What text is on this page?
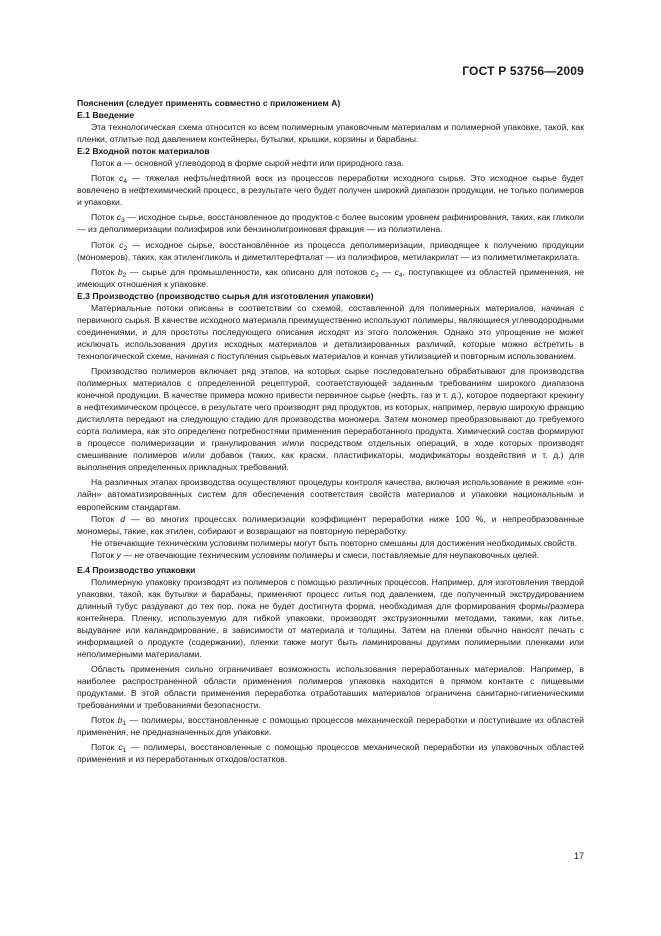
ГОСТ Р 53756—2009

Пояснения (следует применять совместно с приложением А)

Е.1 Введение

Эта технологическая схема относится ко всем полимерным упаковочным материалам и полимерной упаковке, такой, как пленки, отлитые под давлением контейнеры, бутылки, крышки, корзины и барабаны.

Е.2 Входной поток материалов

Поток a — основной углеводород в форме сырой нефти или природного газа.

Поток $c_4$ — тяжелая нефть/нефтяной воск из процессов переработки исходного сырья. Это исходное сырье будет вовлечено в нефтехимический процесс, в результате чего будет получен широкий диапазон продукции, не только полимеров и упаковки.

Поток $c_3$ — исходное сырье, восстановленное до продуктов с более высоким уровнем рафинирования, таких, как гликоли — из деполимеризации полиэфиров или бензинолигроиновая фракция — из полиэтилена.

Поток $c_2$ — исходное сырье, восстановлённое из процесса деполимеризации, приводящее к получению продукции (мономеров), таких, как этиленгликоль и диметилтерефталат — из полиэфиров, метилакрилат — из полиметилметакрилата.

Поток $b_2$ — сырье для промышленности, как описано для потоков $c_2$ — $c_4$, поступающее из областей применения, не имеющих отношения к упаковке.

Е.3 Производство (производство сырья для изготовления упаковки)

Материальные потоки описаны в соответствии со схемой, составленной для полимерных материалов, начиная с первичного сырья. В качестве исходного материала преимущественно используют полимеры, являющиеся углеводородными соединениями, и для простоты последующего описания исходят из этого положения. Однако это упрощение не может исключать использования других исходных материалов и детализированных различий, которые можно встретить в технологической схеме, начиная с поступления сырьевых материалов и кончая утилизацией и повторным использованием.

Производство полимеров включает ряд этапов, на которых сырье последовательно обрабатывают для производства полимерных материалов с определенной рецептурой, соответствующей заданным требованиям широкого диапазона конечной продукции. В качестве примера можно привести первичное сырье (нефть, газ и т. д.), которое подвергают крекингу в нефтехимическом процессе, в результате чего производят ряд продуктов, из которых, например, первую широкую фракцию дистиллята передают на следующую стадию для производства мономера. Затем мономер преобразовывают до требуемого сорта полимера, как это определено потребностями применения переработанного продукта. Химический состав формируют в процессе полимеризации и гранулирования и/или посредством отдельных операций, в ходе которых производят смешивание полимеров и/или добавок (таких, как краски, пластификаторы, модификаторы воздействия и т. д.) для выполнения определенных прикладных требований.

На различных этапах производства осуществляют процедуры контроля качества, включая использование в режиме «он-лайн» автоматизированных систем для обеспечения соответствия свойств материалов и упаковки национальным и европейским стандартам.

Поток d — во многих процессах полимеризации коэффициент переработки ниже 100 %, и непреобразованные мономеры, такие, как этилен, собирают и возвращают на повторную переработку.

Не отвечающие техническим условиям полимеры могут быть повторно смешаны для достижения необходимых свойств.

Поток y — не отвечающие техническим условиям полимеры и смеси, поставляемые для неупаковочных целей.

Е.4 Производство упаковки

Полимерную упаковку производят из полимеров с помощью различных процессов. Например, для изготовления твердой упаковки, такой, как бутылки и барабаны, применяют процесс литья под давлением, где полученный экструдированием длинный тубус раздувают до тех пор, пока не будет достигнута форма, необходимая для формирования формы/размера контейнера. Пленку, используемую для гибкой упаковки, производят экструзионными методами, такими, как литье, выдувание или каландрирование, в зависимости от материала и толщины. Затем на пленки обычно наносят печать с информацией о продукте (содержании), пленки также могут быть ламинированы другими полимерными пленками или неполимерными материалами.

Область применения сильно ограничивает возможность использования переработанных материалов. Например, в наиболее распространенной области применения полимеров упаковка находится в прямом контакте с пищевыми продуктами. В этой области применения переработка отработавших материалов ограничена санитарно-гигиеническими требованиями и требованиями безопасности.

Поток $b_1$ — полимеры, восстановленные с помощью процессов механической переработки и поступившие из областей применения, не предназначенных для упаковки.

Поток $c_1$ — полимеры, восстановленные с помощью процессов механической переработки из упаковочных областей применения и из переработанных отходов/остатков.

17
